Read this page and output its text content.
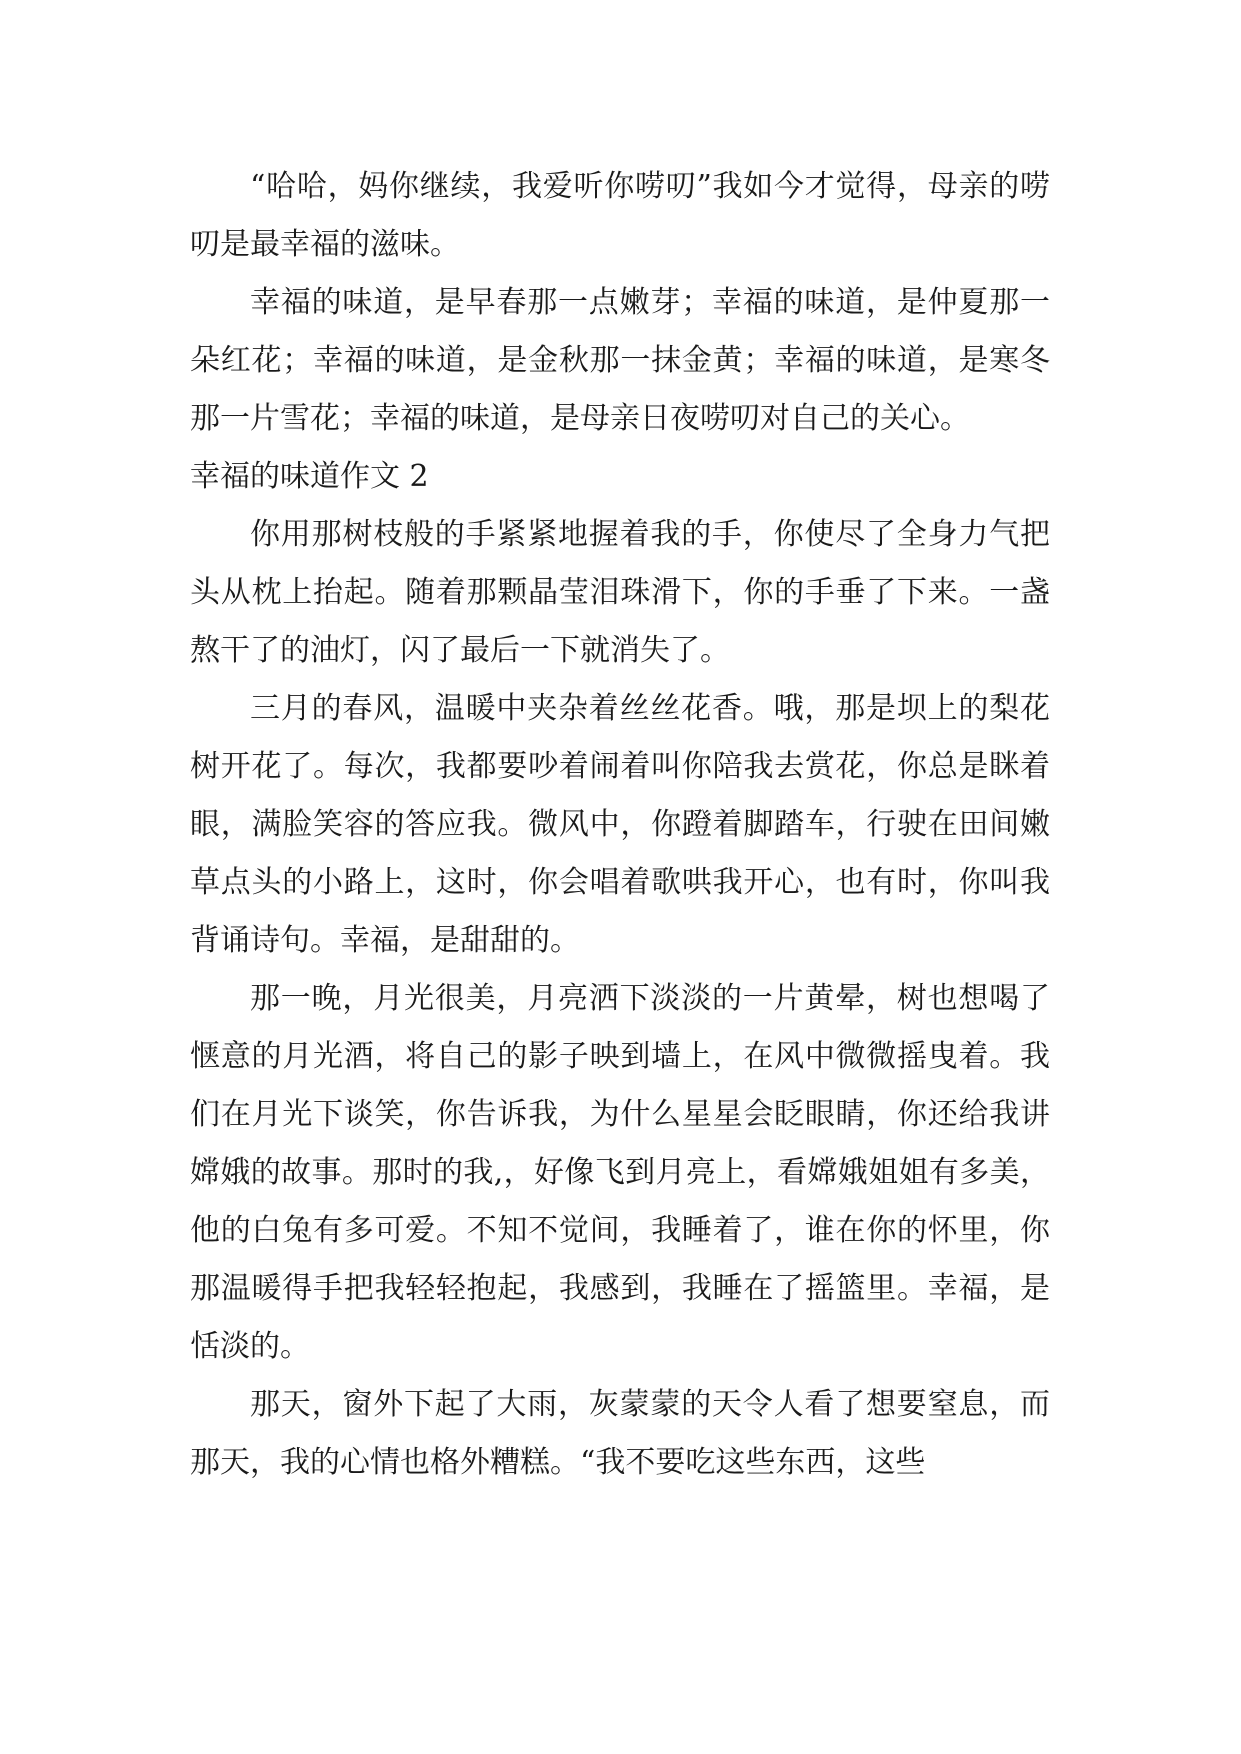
“哈哈，妈你继续，我爱听你唠叨”我如今才觉得，母亲的唠叨是最幸福的滋味。

幸福的味道，是早春那一点嫩芽；幸福的味道，是仲夏那一朵红花；幸福的味道，是金秋那一抹金黄；幸福的味道，是寒冬那一片雪花；幸福的味道，是母亲日夜唠叨对自己的关心。

幸福的味道作文 2

你用那树枝般的手紧紧地握着我的手，你使尽了全身力气把头从枕上抬起。随着那颗晶莹泪珠滑下，你的手垂了下来。一盏熬干了的油灯，闪了最后一下就消失了。

三月的春风，温暖中夹杂着丝丝花香。哦，那是坝上的梨花树开花了。每次，我都要吵着闹着叫你陪我去赏花，你总是眯着眼，满脸笑容的答应我。微风中，你蹬着脚踏车，行驶在田间嫩草点头的小路上，这时，你会唱着歌哄我开心，也有时，你叫我背诵诗句。幸福，是甜甜的。

那一晚，月光很美，月亮洒下淡淡的一片黄晕，树也想喝了惬意的月光酒，将自己的影子映到墙上，在风中微微摇曳着。我们在月光下谈笑，你告诉我，为什么星星会眨眼睛，你还给我讲嫦娥的故事。那时的我,，好像飞到月亮上，看嫦娥姐姐有多美，他的白兔有多可爱。不知不觉间，我睡着了，谁在你的怀里，你那温暖得手把我轻轻抱起，我感到，我睡在了摇篮里。幸福，是恬淡的。

那天，窗外下起了大雨，灰蒙蒙的天令人看了想要窒息，而那天，我的心情也格外糟糕。“我不要吃这些东西，这些
